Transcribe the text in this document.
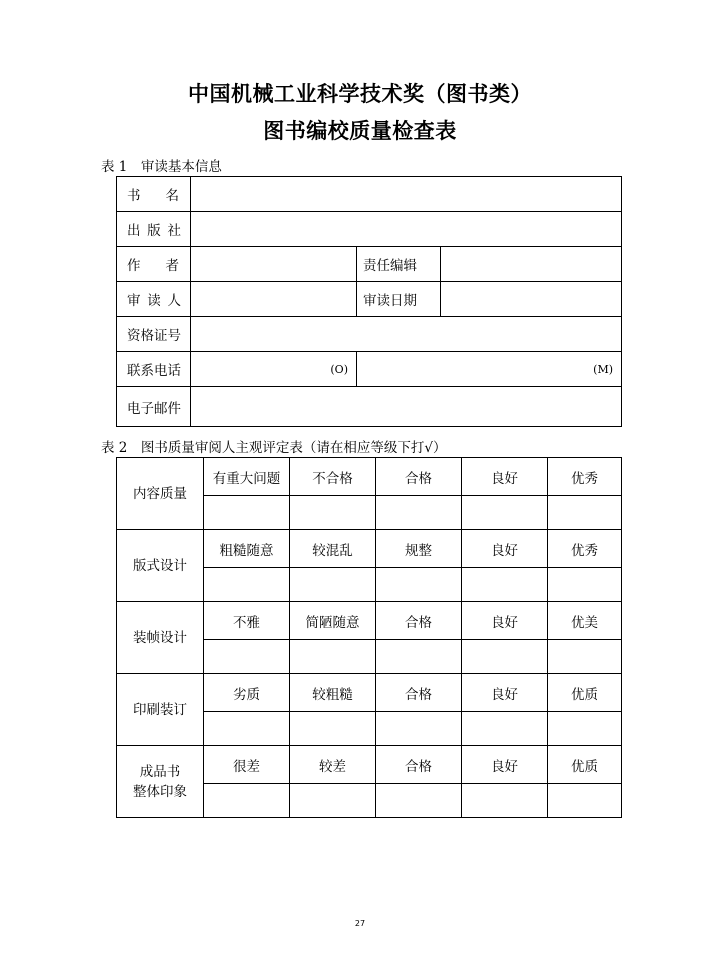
中国机械工业科学技术奖（图书类）
图书编校质量检查表
表 1　审读基本信息
书 名			

出 版 社			

作 者		责任编辑	

审 读 人		审读日期	
资格证号			
联系电话	(O)	(M)	
电子邮件			
表 2　图书质量审阅人主观评定表（请在相应等级下打√）
内容质量	有重大问题	不合格	合格	良好	优秀

版式设计	粗糙随意	较混乱	规整	良好	优秀

装帧设计	不雅	简陋随意	合格	良好	优美

印刷装订	劣质	较粗糙	合格	良好	优质

成品书
整体印象	很差	较差	合格	良好	优质

27
